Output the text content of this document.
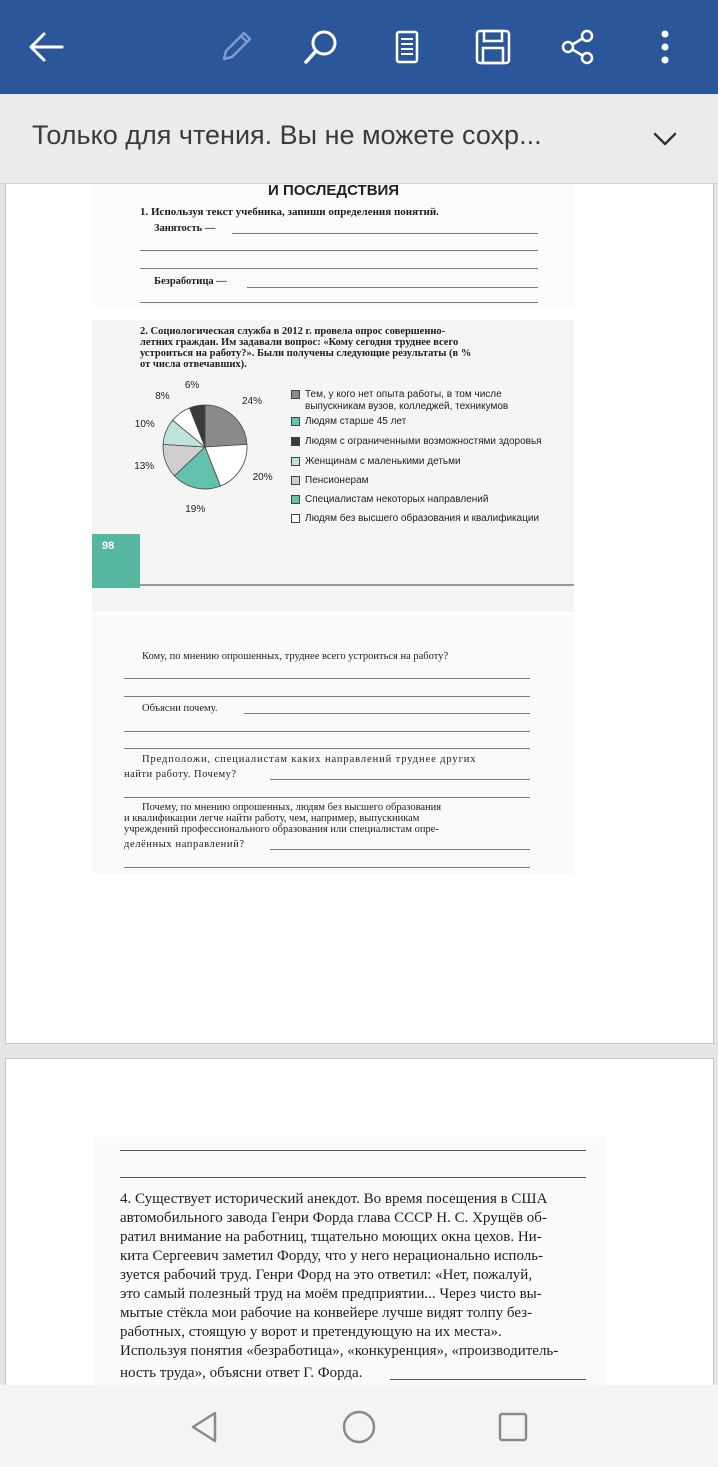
Только для чтения. Вы не можете сохр...
И ПОСЛЕДСТВИЯ
1. Используя текст учебника, запиши определения понятий.
Занятость —
Безработица —
2. Социологическая служба в 2012 г. провела опрос совершенно-
летних граждан. Им задавали вопрос: «Кому сегодня труднее всего
устроиться на работу?». Были получены следующие результаты (в %
от числа отвечавших).
24%
20%
19%
13%
10%
8%
6%
Тем, у кого нет опыта работы, в том числе выпускникам вузов, колледжей, техникумов
Людям старше 45 лет
Людям с ограниченными возможностями здоровья
Женщинам с маленькими детьми
Пенсионерам
Специалистам некоторых направлений
Людям без высшего образования и квалификации
98
Кому, по мнению опрошенных, труднее всего устроиться на работу?
Объясни почему.
Предположи, специалистам каких направлений труднее других
найти работу. Почему?
Почему, по мнению опрошенных, людям без высшего образования
и квалификации легче найти работу, чем, например, выпускникам
учреждений профессионального образования или специалистам опре-
делённых направлений?
4. Существует исторический анекдот. Во время посещения в США
автомобильного завода Генри Форда глава СССР Н. С. Хрущёв об-
ратил внимание на работниц, тщательно моющих окна цехов. Ни-
кита Сергеевич заметил Форду, что у него нерационально исполь-
зуется рабочий труд. Генри Форд на это ответил: «Нет, пожалуй,
это самый полезный труд на моём предприятии... Через чисто вы-
мытые стёкла мои рабочие на конвейере лучше видят толпу без-
работных, стоящую у ворот и претендующую на их места».
Используя понятия «безработица», «конкуренция», «производитель-
ность труда», объясни ответ Г. Форда.
